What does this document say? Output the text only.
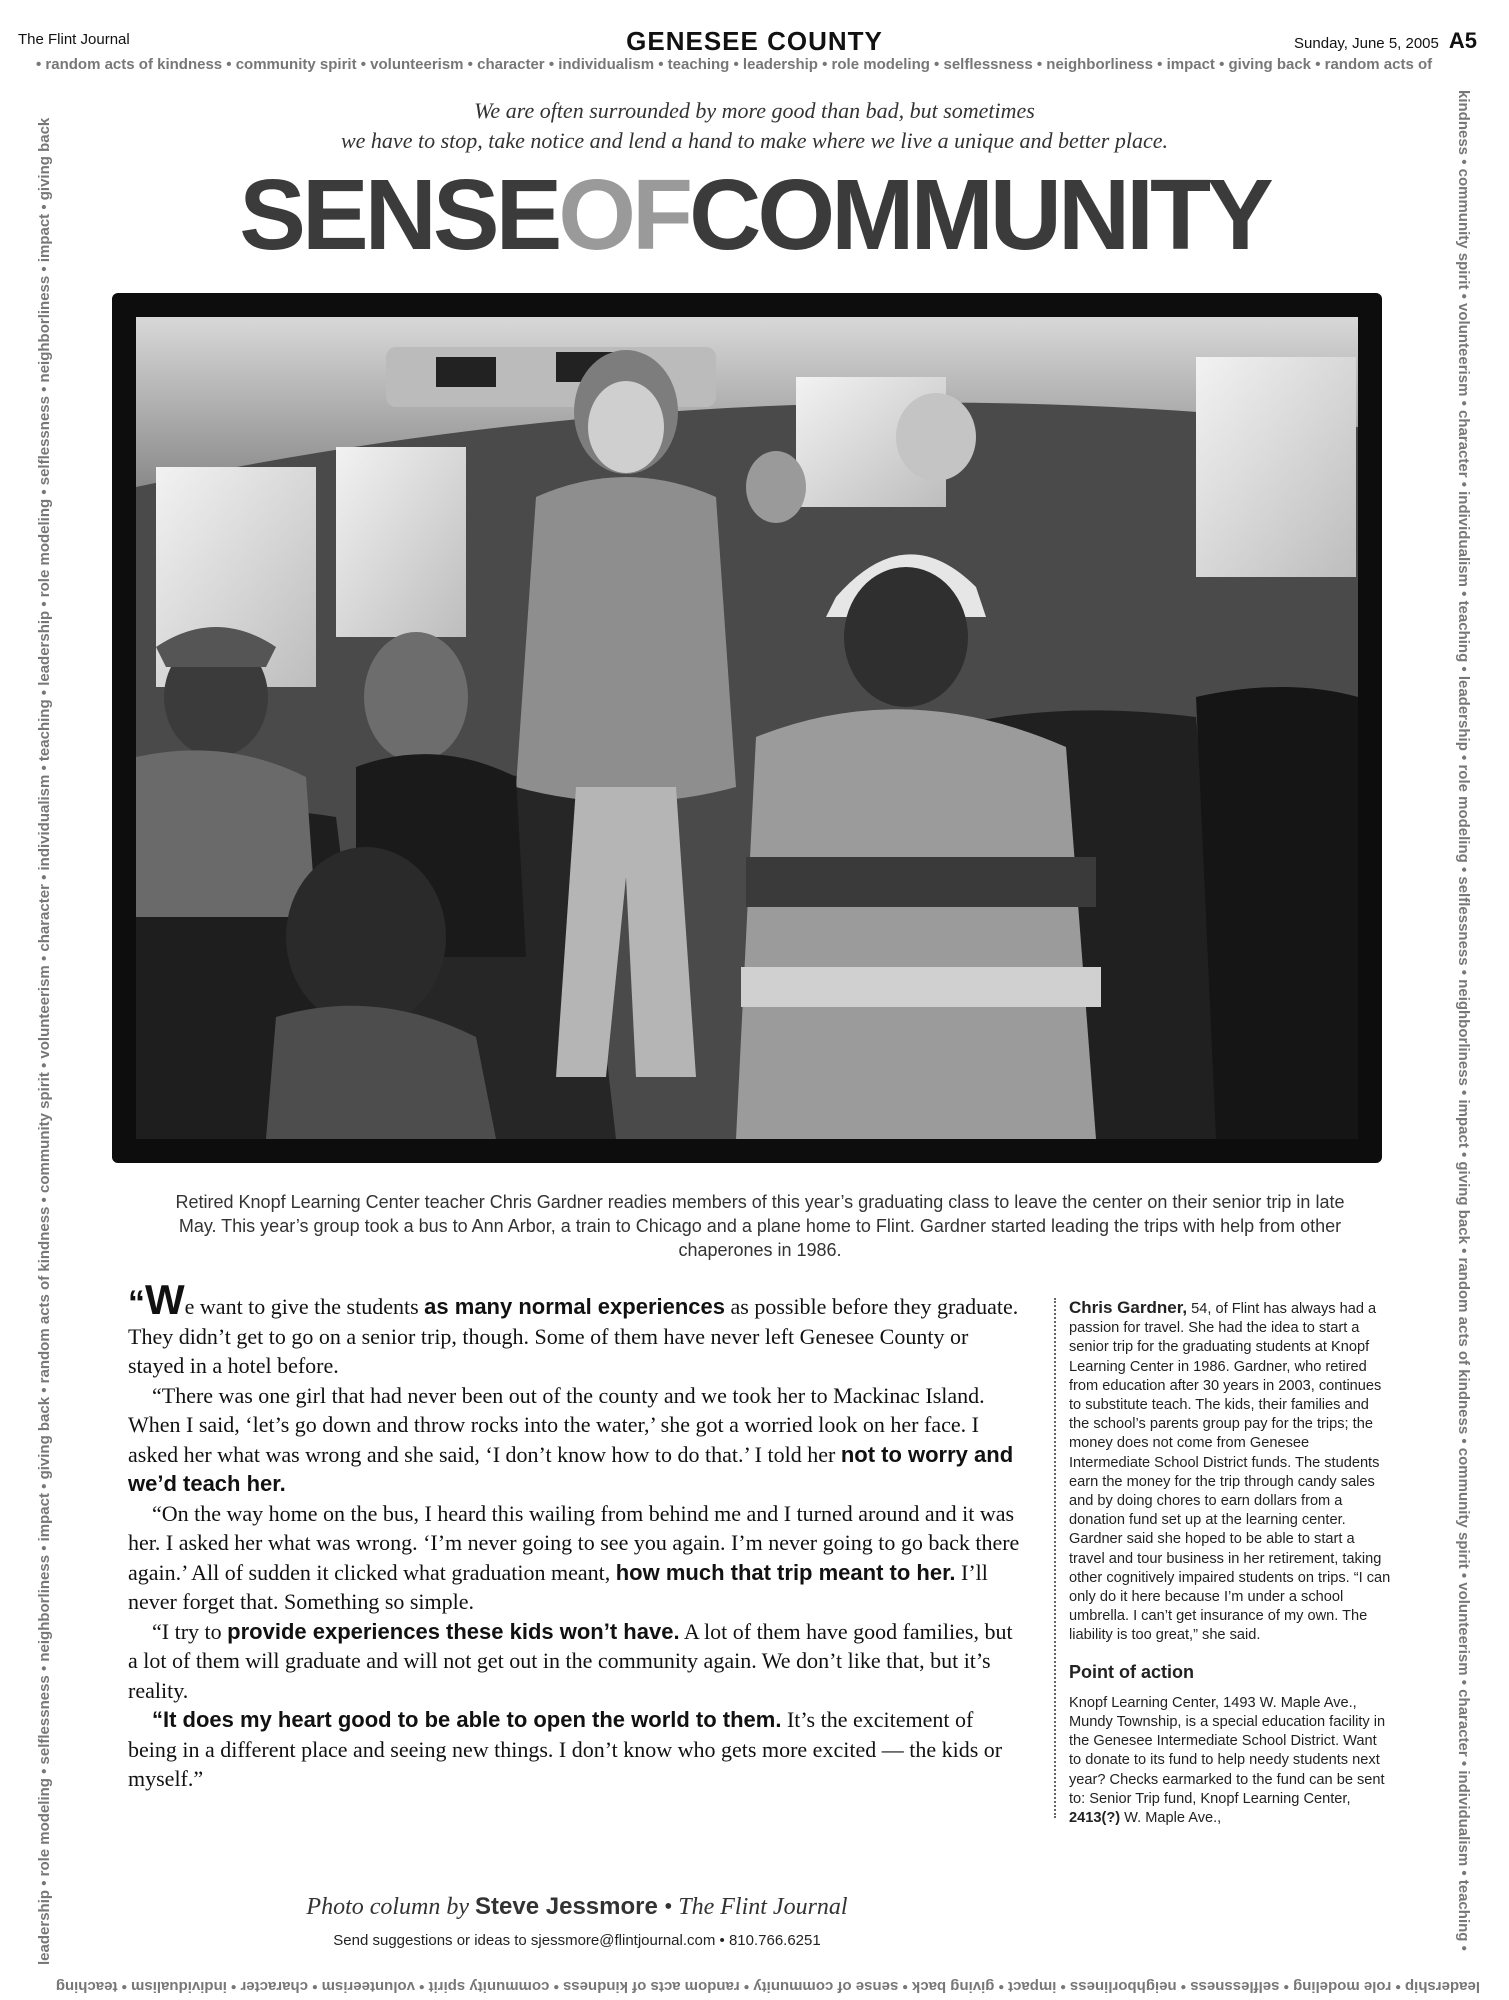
The Flint Journal	GENESEE COUNTY	Sunday, June 5, 2005 A5
• random acts of kindness • community spirit • volunteerism • character • individualism • teaching • leadership • role modeling • selflessness • neighborliness • impact • giving back • random acts of
leadership • role modeling • selflessness • neighborliness • impact • giving back • random acts of kindness • community spirit • volunteerism • character • individualism • teaching • leadership • role modeling • selflessness • neighborliness • impact • giving back	kindness • community spirit • volunteerism • character • individualism • teaching • leadership • role modeling • selflessness • neighborliness • impact • giving back • random acts of kindness • community spirit • volunteerism • character • individualism • teaching •
leadership • role modeling • selflessness • neighborliness • impact • giving back • sense of community • random acts of kindness • community spirit • volunteerism • character • individualism • teaching
We are often surrounded by more good than bad, but sometimes
we have to stop, take notice and lend a hand to make where we live a unique and better place.
SENSEOFCOMMUNITY
Retired Knopf Learning Center teacher Chris Gardner readies members of this year’s graduating class to leave the center on their senior trip in late May. This year’s group took a bus to Ann Arbor, a train to Chicago and a plane home to Flint. Gardner started leading the trips with help from other chaperones in 1986.

“We want to give the students as many normal experiences as possible before they graduate. They didn’t get to go on a senior trip, though. Some of them have never left Genesee County or stayed in a hotel before.

“There was one girl that had never been out of the county and we took her to Mackinac Island. When I said, ‘let’s go down and throw rocks into the water,’ she got a worried look on her face. I asked her what was wrong and she said, ‘I don’t know how to do that.’ I told her not to worry and we’d teach her.

“On the way home on the bus, I heard this wailing from behind me and I turned around and it was her. I asked her what was wrong. ‘I’m never going to see you again. I’m never going to go back there again.’ All of sudden it clicked what graduation meant, how much that trip meant to her. I’ll never forget that. Something so simple.

“I try to provide experiences these kids won’t have. A lot of them have good families, but a lot of them will graduate and will not get out in the community again. We don’t like that, but it’s reality.

“It does my heart good to be able to open the world to them. It’s the excitement of being in a different place and seeing new things. I don’t know who gets more excited — the kids or myself.”

Chris Gardner, 54, of Flint has always had a passion for travel. She had the idea to start a senior trip for the graduating students at Knopf Learning Center in 1986. Gardner, who retired from education after 30 years in 2003, continues to substitute teach. The kids, their families and the school’s parents group pay for the trips; the money does not come from Genesee Intermediate School District funds. The students earn the money for the trip through candy sales and by doing chores to earn dollars from a donation fund set up at the learning center. Gardner said she hoped to be able to start a travel and tour business in her retirement, taking other cognitively impaired students on trips. “I can only do it here because I’m under a school umbrella. I can’t get insurance of my own. The liability is too great,” she said.

Point of action

Knopf Learning Center, 1493 W. Maple Ave., Mundy Township, is a special education facility in the Genesee Intermediate School District. Want to donate to its fund to help needy students next year? Checks earmarked to the fund can be sent to: Senior Trip fund, Knopf Learning Center, 2413(?) W. Maple Ave.,

Photo column by Steve Jessmore • The Flint Journal
Send suggestions or ideas to sjessmore@flintjournal.com • 810.766.6251
